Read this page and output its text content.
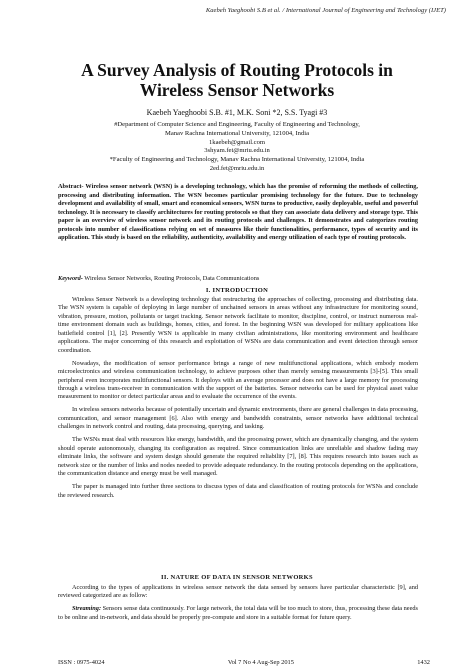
Kaebeh Yaeghoobi S.B et al. / International Journal of Engineering and Technology (IJET)
A Survey Analysis of Routing Protocols in
Wireless Sensor Networks
Kaebeh Yaeghoobi S.B. #1, M.K. Soni *2, S.S. Tyagi #3
#Department of Computer Science and Engineering, Faculty of Engineering and Technology,
Manav Rachna International University, 121004, India
1kaebeh@gmail.com
3shyam.fet@mriu.edu.in
*Faculty of Engineering and Technology, Manav Rachna International University, 121004, India
2ed.fet@mriu.edu.in

Abstract- Wireless sensor network (WSN) is a developing technology, which has the promise of reforming the methods of collecting, processing and distributing information. The WSN becomes particular promising technology for the future. Due to technology development and availability of small, smart and economical sensors, WSN turns to productive, easily deployable, useful and powerful technology. It is necessary to classify architectures for routing protocols so that they can associate data delivery and storage type. This paper is an overview of wireless sensor network and its routing protocols and challenges. It demonstrates and categorizes routing protocols into number of classifications relying on set of measures like their functionalities, performance, types of security and its application. This study is based on the reliability, authenticity, availability and energy utilization of each type of routing protocols.

Keyword- Wireless Sensor Networks, Routing Protocols, Data Communications
I. INTRODUCTION

Wireless Sensor Network is a developing technology that restructuring the approaches of collecting, processing and distributing data. The WSN system is capable of deploying in large number of unchained sensors in areas without any infrastructure for monitoring sound, vibration, pressure, motion, pollutants or target tracking. Sensor network facilitate to monitor, discipline, control, or instruct numerous real-time environment domain such as buildings, homes, cities, and forest. In the beginning WSN was developed for military applications like battlefield control [1], [2]. Presently WSN is applicable in many civilian administrations, like monitoring environment and healthcare applications. The major concerning of this research and exploitation of WSNs are data communication and event detection through sensor coordination.

Nowadays, the modification of sensor performance brings a range of new multifunctional applications, which embody modern microelectronics and wireless communication technology, to achieve purposes other than merely sensing measurements [3]-[5]. This small peripheral even incorporates multifunctional sensors. It deploys with an average processor and does not have a large memory for processing through a wireless trans-receiver in communication with the support of the batteries. Sensor networks can be used for physical asset value measurement to monitor or detect particular areas and to evaluate the occurrence of the events.

In wireless sensors networks because of potentially uncertain and dynamic environments, there are general challenges in data processing, communication, and sensor management [6]. Also with energy and bandwidth constraints, sensor networks have additional technical challenges in network control and routing, data processing, querying, and tasking.

The WSNs must deal with resources like energy, bandwidth, and the processing power, which are dynamically changing, and the system should operate autonomously, changing its configuration as required. Since communication links are unreliable and shadow fading may eliminate links, the software and system design should generate the required reliability [7], [8]. This requires research into issues such as network size or the number of links and nodes needed to provide adequate redundancy. In the routing protocols depending on the applications, the communication distance and energy must be well managed.

The paper is managed into further three sections to discuss types of data and classification of routing protocols for WSNs and conclude the reviewed research.

II. NATURE OF DATA IN SENSOR NETWORKS

According to the types of applications in wireless sensor network the data sensed by sensors have particular characteristic [9], and reviewed categorized are as follow:

Streaming: Sensors sense data continuously. For large network, the total data will be too much to store, thus, processing these data needs to be online and in-network, and data should be properly pre-compute and store in a suitable format for future query.

ISSN : 0975-4024	Vol 7 No 4 Aug-Sep 2015	1432
